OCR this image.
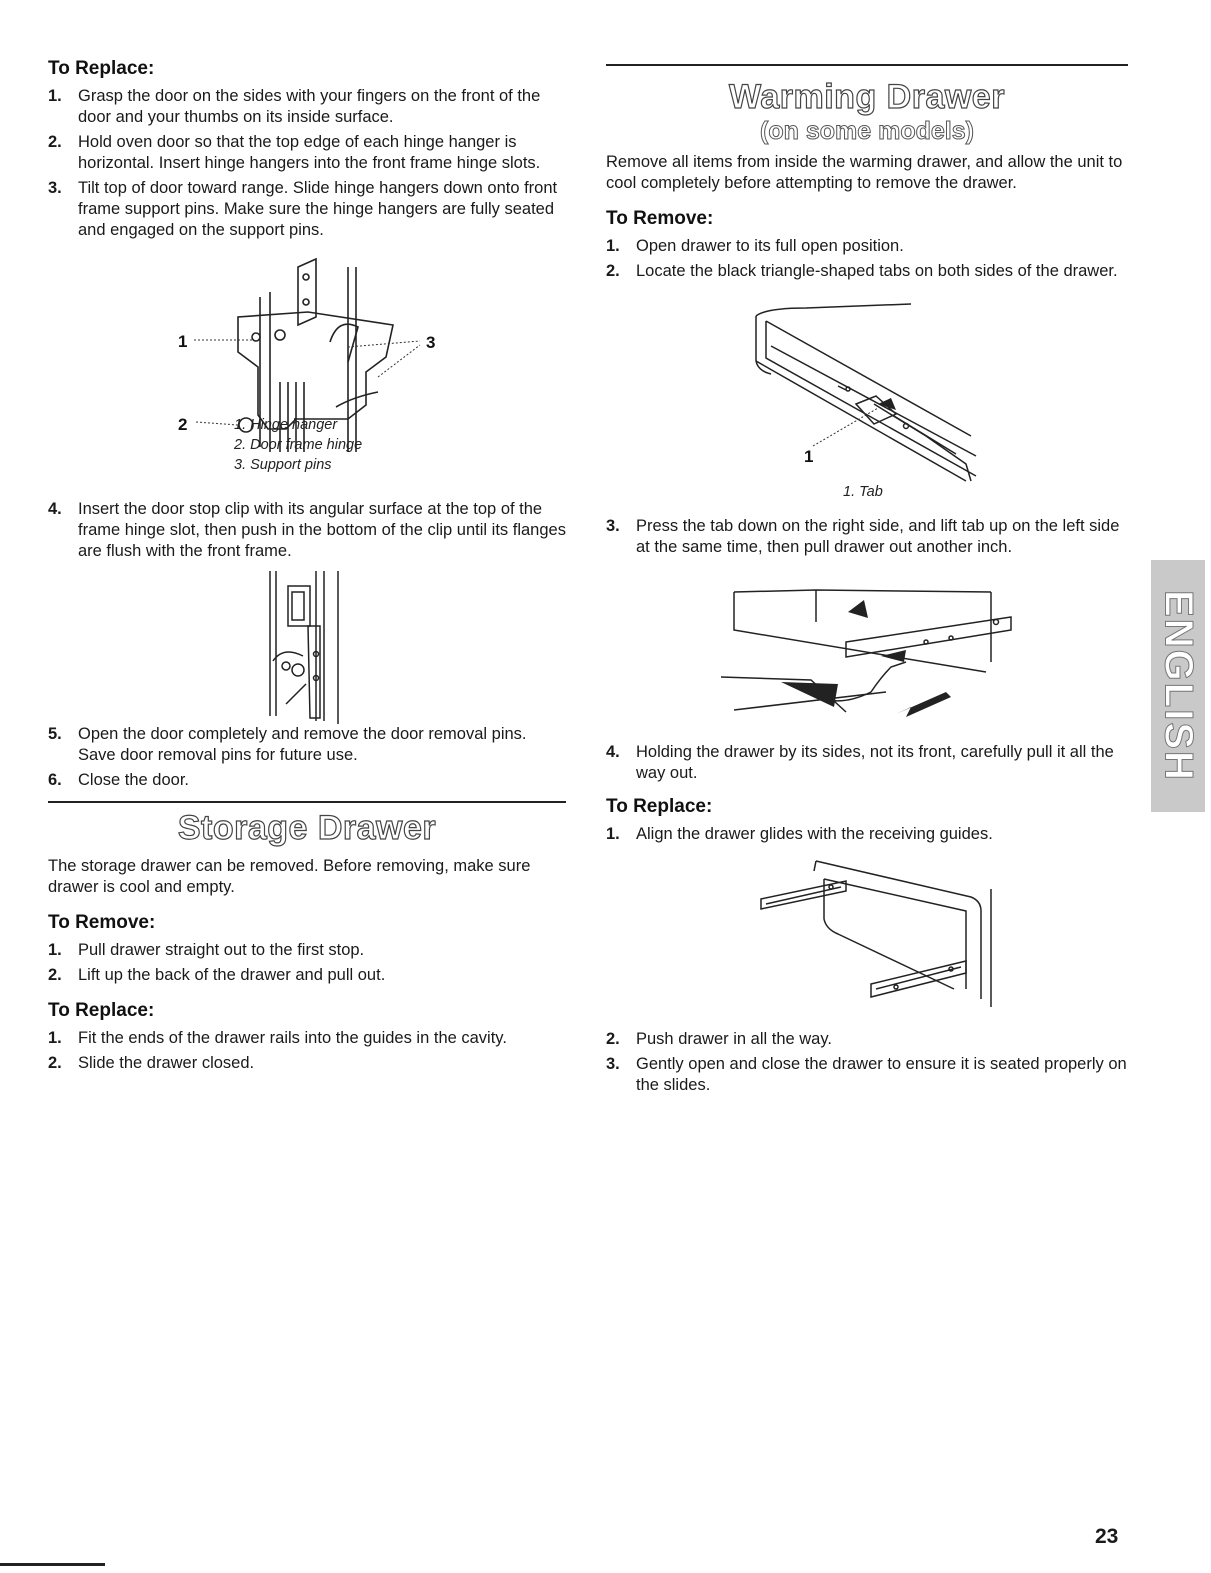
To Replace:
1. Grasp the door on the sides with your fingers on the front of the door and your thumbs on its inside surface.
2. Hold oven door so that the top edge of each hinge hanger is horizontal. Insert hinge hangers into the front frame hinge slots.
3. Tilt top of door toward range. Slide hinge hangers down onto front frame support pins. Make sure the hinge hangers are fully seated and engaged on the support pins.
1
2
3
1. Hinge hanger
2. Door frame hinge
3. Support pins
4. Insert the door stop clip with its angular surface at the top of the frame hinge slot, then push in the bottom of the clip until its flanges are flush with the front frame.
5. Open the door completely and remove the door removal pins. Save door removal pins for future use.
6. Close the door.
Storage Drawer

The storage drawer can be removed. Before removing, make sure drawer is cool and empty.

To Remove:
1. Pull drawer straight out to the first stop.
2. Lift up the back of the drawer and pull out.
To Replace:
1. Fit the ends of the drawer rails into the guides in the cavity.
2. Slide the drawer closed.
Warming Drawer
(on some models)

Remove all items from inside the warming drawer, and allow the unit to cool completely before attempting to remove the drawer.

To Remove:
1. Open drawer to its full open position.
2. Locate the black triangle-shaped tabs on both sides of the drawer.
1
1. Tab
3. Press the tab down on the right side, and lift tab up on the left side at the same time, then pull drawer out another inch.
4. Holding the drawer by its sides, not its front, carefully pull it all the way out.
To Replace:
1. Align the drawer glides with the receiving guides.
2. Push drawer in all the way.
3. Gently open and close the drawer to ensure it is seated properly on the slides.
ENGLISH
23
